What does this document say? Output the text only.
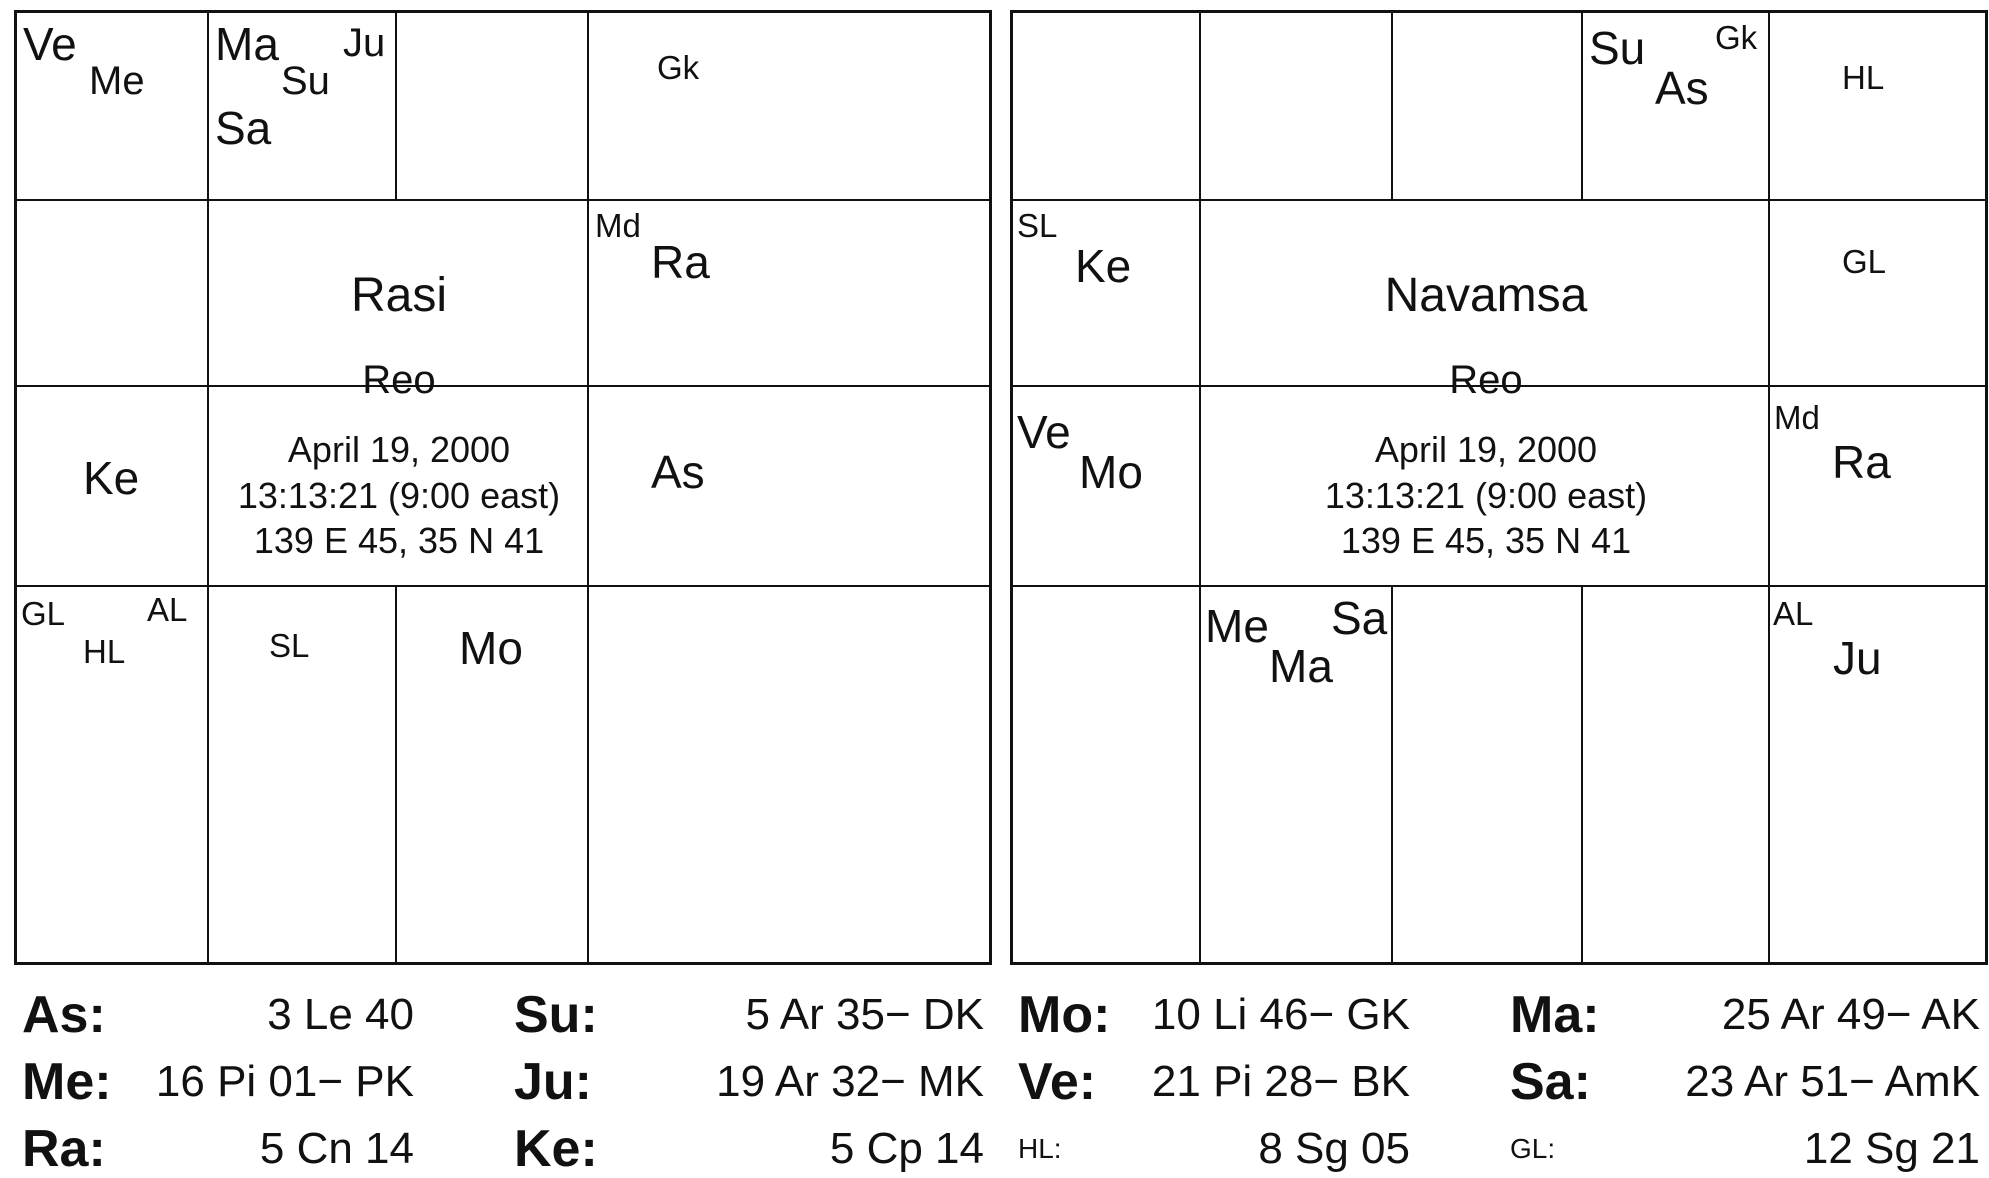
Ve
Me
Ma
Su
Ju
Sa
Gk
Md
Ra
Ke	As
GL
HL
AL
SL	Mo
Rasi
Reo
April 19, 2000
13:13:21 (9:00 east)
139 E 45, 35 N 41
Su
As
Gk
HL
SL
Ke	GL
Ve
Mo
Md
Ra
Me
Ma
Sa	AL
Ju
Navamsa
Reo
April 19, 2000
13:13:21 (9:00 east)
139 E 45, 35 N 41
As:	3 Le 40 Su:	5 Ar 35− DK
Me:	16 Pi 01− PK Ju:	19 Ar 32− MK
Ra:	5 Cn 14 Ke:	5 Cp 14
Mo: 10 Li 46− GK Ma:	25 Ar 49− AK
Ve:	21 Pi 28− BK Sa:	23 Ar 51− AmK
HL:	8 Sg 05	GL:	12 Sg 21
